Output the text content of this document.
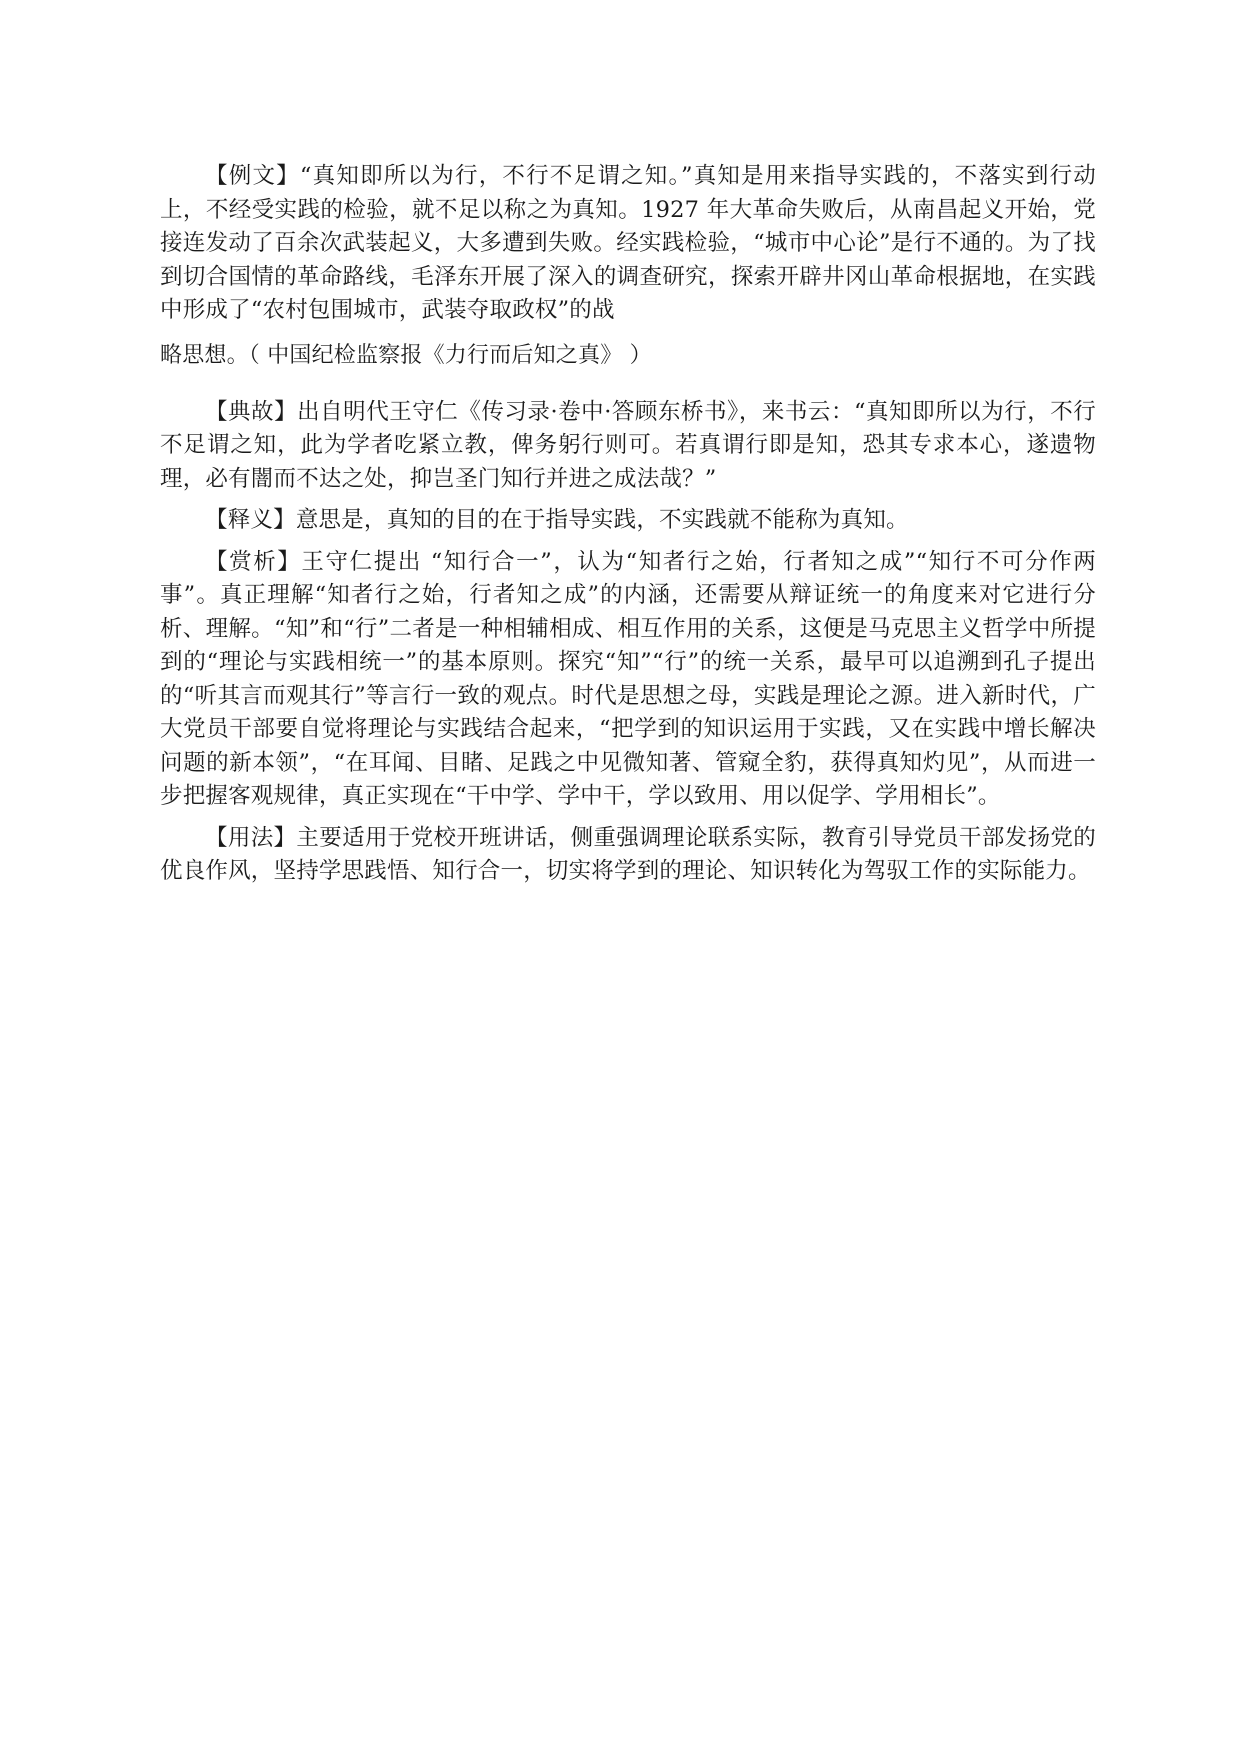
【例文】“真知即所以为行，不行不足谓之知。”真知是用来指导实践的，不落实到行动上，不经受实践的检验，就不足以称之为真知。1927 年大革命失败后，从南昌起义开始，党接连发动了百余次武装起义，大多遭到失败。经实践检验，“城市中心论”是行不通的。为了找到切合国情的革命路线，毛泽东开展了深入的调查研究，探索开辟井冈山革命根据地，在实践中形成了“农村包围城市，武装夺取政权”的战
略思想。（ 中国纪检监察报《力行而后知之真》 ）

【典故】出自明代王守仁《传习录·卷中·答顾东桥书》，来书云：“真知即所以为行，不行不足谓之知，此为学者吃紧立教，俾务躬行则可。若真谓行即是知，恐其专求本心，遂遗物理，必有闇而不达之处，抑岂圣门知行并进之成法哉？”

【释义】意思是，真知的目的在于指导实践，不实践就不能称为真知。

【赏析】王守仁提出 “知行合一”，认为“知者行之始，行者知之成”“知行不可分作两事”。真正理解“知者行之始，行者知之成”的内涵，还需要从辩证统一的角度来对它进行分析、理解。“知”和“行”二者是一种相辅相成、相互作用的关系，这便是马克思主义哲学中所提到的“理论与实践相统一”的基本原则。探究“知”“行”的统一关系，最早可以追溯到孔子提出的“听其言而观其行”等言行一致的观点。时代是思想之母，实践是理论之源。进入新时代，广大党员干部要自觉将理论与实践结合起来，“把学到的知识运用于实践，又在实践中增长解决问题的新本领”，“在耳闻、目睹、足践之中见微知著、管窥全豹，获得真知灼见”，从而进一步把握客观规律，真正实现在“干中学、学中干，学以致用、用以促学、学用相长”。

【用法】主要适用于党校开班讲话，侧重强调理论联系实际，教育引导党员干部发扬党的优良作风，坚持学思践悟、知行合一，切实将学到的理论、知识转化为驾驭工作的实际能力。
